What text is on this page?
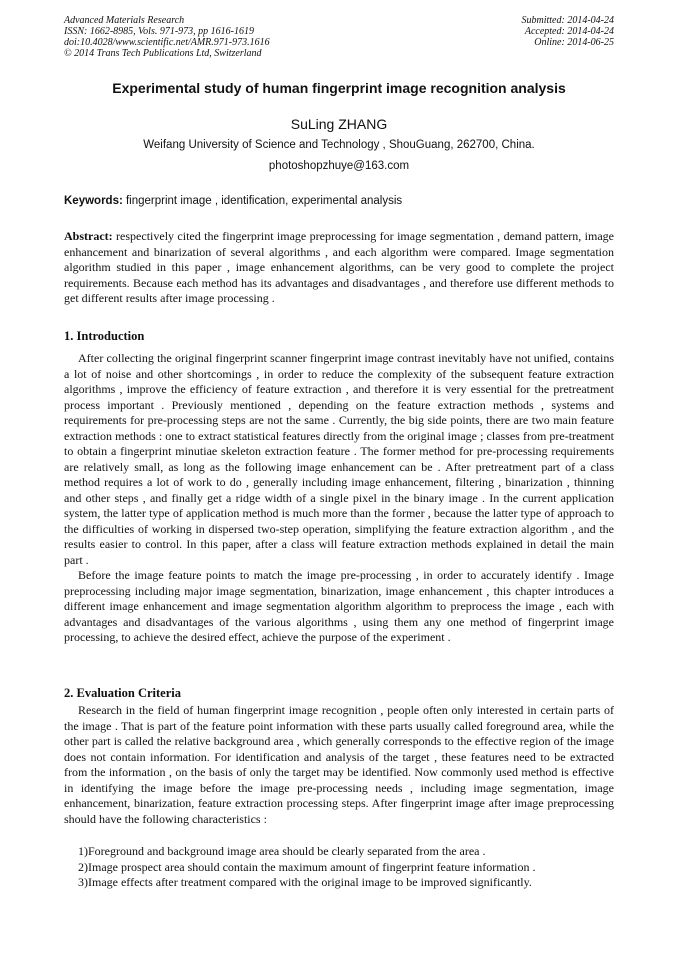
Advanced Materials Research
ISSN: 1662-8985, Vols. 971-973, pp 1616-1619
doi:10.4028/www.scientific.net/AMR.971-973.1616
© 2014 Trans Tech Publications Ltd, Switzerland
Submitted: 2014-04-24
Accepted: 2014-04-24
Online: 2014-06-25
Experimental study of human fingerprint image recognition analysis
SuLing ZHANG
Weifang University of Science and Technology , ShouGuang, 262700, China.
photoshopzhuye@163.com
Keywords: fingerprint image , identification, experimental analysis
Abstract: respectively cited the fingerprint image preprocessing for image segmentation , demand pattern, image enhancement and binarization of several algorithms , and each algorithm were compared. Image segmentation algorithm studied in this paper , image enhancement algorithms, can be very good to complete the project requirements. Because each method has its advantages and disadvantages , and therefore use different methods to get different results after image processing .
1. Introduction

After collecting the original fingerprint scanner fingerprint image contrast inevitably have not unified, contains a lot of noise and other shortcomings , in order to reduce the complexity of the subsequent feature extraction algorithms , improve the efficiency of feature extraction , and therefore it is very essential for the pretreatment process important . Previously mentioned , depending on the feature extraction methods , systems and requirements for pre-processing steps are not the same . Currently, the big side points, there are two main feature extraction methods : one to extract statistical features directly from the original image ; classes from pre-treatment to obtain a fingerprint minutiae skeleton extraction feature . The former method for pre-processing requirements are relatively small, as long as the following image enhancement can be . After pretreatment part of a class method requires a lot of work to do , generally including image enhancement, filtering , binarization , thinning and other steps , and finally get a ridge width of a single pixel in the binary image . In the current application system, the latter type of application method is much more than the former , because the latter type of approach to the difficulties of working in dispersed two-step operation, simplifying the feature extraction algorithm , and the results easier to control. In this paper, after a class will feature extraction methods explained in detail the main part .

Before the image feature points to match the image pre-processing , in order to accurately identify . Image preprocessing including major image segmentation, binarization, image enhancement , this chapter introduces a different image enhancement and image segmentation algorithm algorithm to preprocess the image , each with advantages and disadvantages of the various algorithms , using them any one method of fingerprint image processing, to achieve the desired effect, achieve the purpose of the experiment .

2. Evaluation Criteria

Research in the field of human fingerprint image recognition , people often only interested in certain parts of the image . That is part of the feature point information with these parts usually called foreground area, while the other part is called the relative background area , which generally corresponds to the effective region of the image does not contain information. For identification and analysis of the target , these features need to be extracted from the information , on the basis of only the target may be identified. Now commonly used method is effective in identifying the image before the image pre-processing needs , including image segmentation, image enhancement, binarization, feature extraction processing steps. After fingerprint image after image preprocessing should have the following characteristics :

1)Foreground and background image area should be clearly separated from the area .
2)Image prospect area should contain the maximum amount of fingerprint feature information .
3)Image effects after treatment compared with the original image to be improved significantly.
